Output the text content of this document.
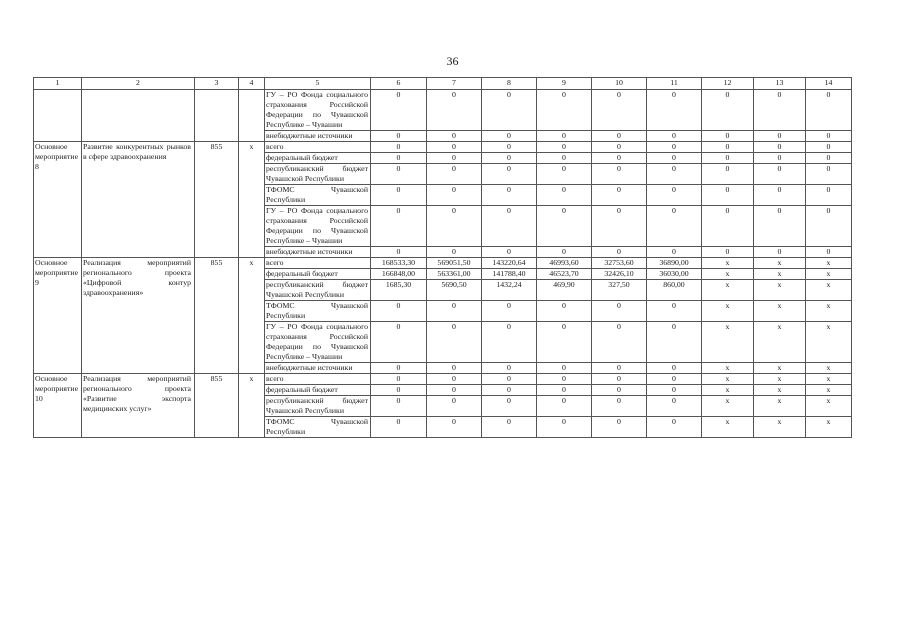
36
1	2	3	4	5	6	7	8	9	10	11	12	13	14
				ГУ – РО Фонда социального страхования Российской Федерации по Чувашской Республике – Чувашии	0	0	0	0	0	0	0	0	0
				внебюджетные источники	0	0	0	0	0	0	0	0	0
Основное мероприятие 8	Развитие конкурентных рынков в сфере здравоохранения	855	х	всего	0	0	0	0	0	0	0	0	0
				федеральный бюджет	0	0	0	0	0	0	0	0	0
				республиканский бюджет Чувашской Республики	0	0	0	0	0	0	0	0	0
				ТФОМС Чувашской Республики	0	0	0	0	0	0	0	0	0
				ГУ – РО Фонда социального страхования Российской Федерации по Чувашской Республике – Чувашии	0	0	0	0	0	0	0	0	0
				внебюджетные источники	0	0	0	0	0	0	0	0	0
Основное мероприятие 9	Реализация мероприятий регионального проекта «Цифровой контур здравоохранения»	855	х	всего	168533,30	569051,50	143220,64	46993,60	32753,60	36890,00	х	х	х
				федеральный бюджет	166848,00	563361,00	141788,40	46523,70	32426,10	36030,00	х	х	х
				республиканский бюджет Чувашской Республики	1685,30	5690,50	1432,24	469,90	327,50	860,00	х	х	х
				ТФОМС Чувашской Республики	0	0	0	0	0	0	х	х	х
				ГУ – РО Фонда социального страхования Российской Федерации по Чувашской Республике – Чувашии	0	0	0	0	0	0	х	х	х
				внебюджетные источники	0	0	0	0	0	0	х	х	х
Основное мероприятие 10	Реализация мероприятий регионального проекта «Развитие экспорта медицинских услуг»	855	х	всего	0	0	0	0	0	0	х	х	х
				федеральный бюджет	0	0	0	0	0	0	х	х	х
				республиканский бюджет Чувашской Республики	0	0	0	0	0	0	х	х	х
				ТФОМС Чувашской Республики	0	0	0	0	0	0	х	х	х
